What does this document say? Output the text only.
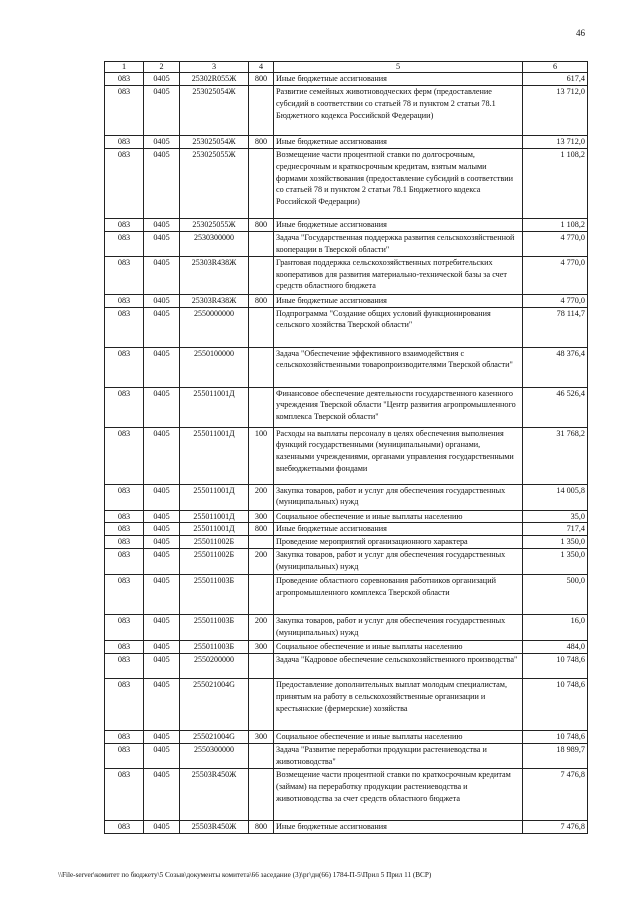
46
1	2	3	4	5	6
083	0405	25302R055Ж	800	Иные бюджетные ассигнования	617,4
083	0405	253025054Ж		Развитие семейных животноводческих ферм (предоставление субсидий в соответствии со статьей 78 и пунктом 2 статьи 78.1 Бюджетного кодекса Российской Федерации)	13 712,0
083	0405	253025054Ж	800	Иные бюджетные ассигнования	13 712,0
083	0405	253025055Ж		Возмещение части процентной ставки по долгосрочным, среднесрочным и краткосрочным кредитам, взятым малыми формами хозяйствования (предоставление субсидий в соответствии со статьей 78 и пунктом 2 статьи 78.1 Бюджетного кодекса Российской Федерации)	1 108,2
083	0405	253025055Ж	800	Иные бюджетные ассигнования	1 108,2
083	0405	2530300000		Задача "Государственная поддержка развития сельскохозяйственной кооперации в Тверской области"	4 770,0
083	0405	25303R438Ж		Грантовая поддержка сельскохозяйственных потребительских кооперативов для развития материально-технической базы за счет средств областного бюджета	4 770,0
083	0405	25303R438Ж	800	Иные бюджетные ассигнования	4 770,0
083	0405	2550000000		Подпрограмма "Создание общих условий функционирования сельского хозяйства Тверской области"	78 114,7
083	0405	2550100000		Задача "Обеспечение эффективного взаимодействия с сельскохозяйственными товаропроизводителями Тверской области"	48 376,4
083	0405	255011001Д		Финансовое обеспечение деятельности государственного казенного учреждения Тверской области "Центр развития агропромышленного комплекса Тверской области"	46 526,4
083	0405	255011001Д	100	Расходы на выплаты персоналу в целях обеспечения выполнения функций государственными (муниципальными) органами, казенными учреждениями, органами управления государственными внебюджетными фондами	31 768,2
083	0405	255011001Д	200	Закупка товаров, работ и услуг для обеспечения государственных (муниципальных) нужд	14 005,8
083	0405	255011001Д	300	Социальное обеспечение и иные выплаты населению	35,0
083	0405	255011001Д	800	Иные бюджетные ассигнования	717,4
083	0405	255011002Б		Проведение мероприятий организационного характера	1 350,0
083	0405	255011002Б	200	Закупка товаров, работ и услуг для обеспечения государственных (муниципальных) нужд	1 350,0
083	0405	255011003Б		Проведение областного соревнования работников организаций агропромышленного комплекса Тверской области	500,0
083	0405	255011003Б	200	Закупка товаров, работ и услуг для обеспечения государственных (муниципальных) нужд	16,0
083	0405	255011003Б	300	Социальное обеспечение и иные выплаты населению	484,0
083	0405	2550200000		Задача "Кадровое обеспечение сельскохозяйственного производства"	10 748,6
083	0405	255021004G		Предоставление дополнительных выплат молодым специалистам, принятым на работу в сельскохозяйственные организации и крестьянские (фермерские) хозяйства	10 748,6
083	0405	255021004G	300	Социальное обеспечение и иные выплаты населению	10 748,6
083	0405	2550300000		Задача "Развитие переработки продукции растениеводства и животноводства"	18 989,7
083	0405	25503R450Ж		Возмещение части процентной ставки по краткосрочным кредитам (займам) на переработку продукции растениеводства и животноводства за счет средств областного бюджета	7 476,8
083	0405	25503R450Ж	800	Иные бюджетные ассигнования	7 476,8
\\File-server\комитет по бюджету\5 Созыв\документы комитета\66 заседание (3)\рг\дн(66) 1784-П-5\Прил 5 Прил 11 (ВСР)
